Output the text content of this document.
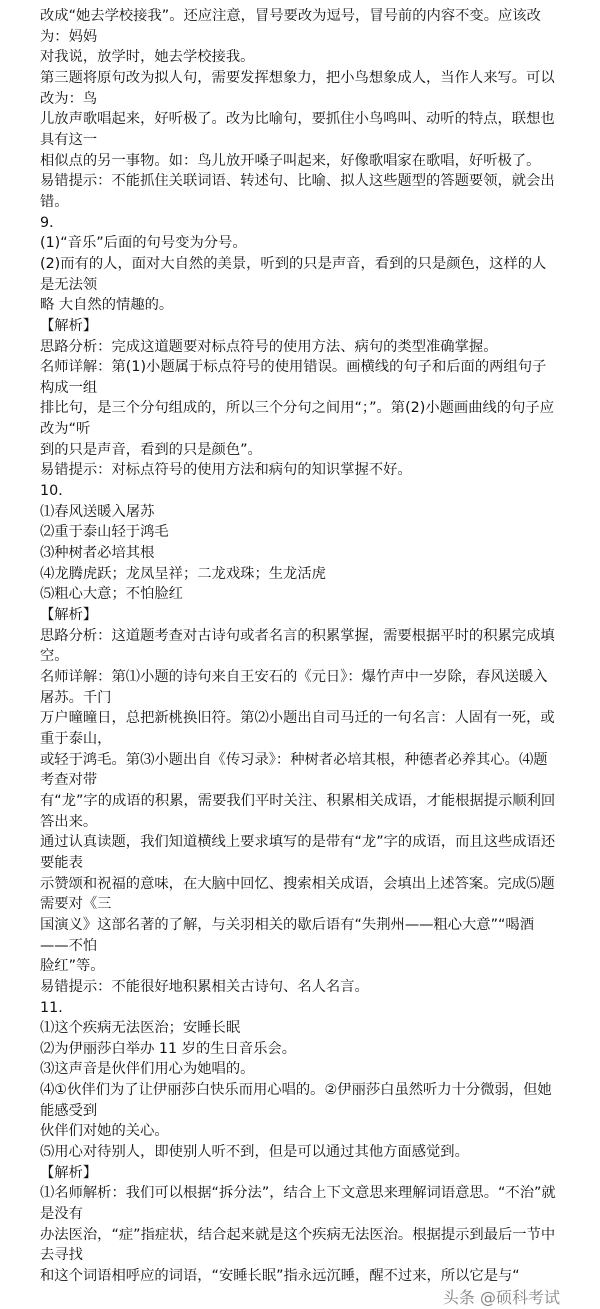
改成“她去学校接我”。还应注意，冒号要改为逗号，冒号前的内容不变。应该改为：妈妈
对我说，放学时，她去学校接我。
第三题将原句改为拟人句，需要发挥想象力，把小鸟想象成人，当作人来写。可以改为：鸟
儿放声歌唱起来，好听极了。改为比喻句，要抓住小鸟鸣叫、动听的特点，联想也具有这一
相似点的另一事物。如：鸟儿放开嗓子叫起来，好像歌唱家在歌唱，好听极了。
易错提示：不能抓住关联词语、转述句、比喻、拟人这些题型的答题要领，就会出错。
9．
(1)“音乐”后面的句号变为分号。
(2)而有的人，面对大自然的美景，听到的只是声音，看到的只是颜色，这样的人是无法领
略 大自然的情趣的。
【解析】
思路分析：完成这道题要对标点符号的使用方法、病句的类型准确掌握。
名师详解：第(1)小题属于标点符号的使用错误。画横线的句子和后面的两组句子构成一组
排比句，是三个分句组成的，所以三个分句之间用“；”。第(2)小题画曲线的句子应改为“听
到的只是声音，看到的只是颜色”。
易错提示：对标点符号的使用方法和病句的知识掌握不好。
10．
⑴春风送暖入屠苏
⑵重于泰山轻于鸿毛
⑶种树者必培其根
⑷龙腾虎跃；龙凤呈祥；二龙戏珠；生龙活虎
⑸粗心大意；不怕脸红
【解析】
思路分析：这道题考查对古诗句或者名言的积累掌握，需要根据平时的积累完成填空。
名师详解：第⑴小题的诗句来自王安石的《元日》：爆竹声中一岁除，春风送暖入屠苏。千门
万户曈曈日，总把新桃换旧符。第⑵小题出自司马迁的一句名言：人固有一死，或重于泰山，
或轻于鸿毛。第⑶小题出自《传习录》：种树者必培其根，种德者必养其心。⑷题考查对带
有“龙”字的成语的积累，需要我们平时关注、积累相关成语，才能根据提示顺利回答出来。
通过认真读题，我们知道横线上要求填写的是带有“龙”字的成语，而且这些成语还要能表
示赞颂和祝福的意味，在大脑中回忆、搜索相关成语，会填出上述答案。完成⑸题需要对《三
国演义》这部名著的了解，与关羽相关的歇后语有“失荆州——粗心大意”“喝酒——不怕
脸红”等。
易错提示：不能很好地积累相关古诗句、名人名言。
11．
⑴这个疾病无法医治；安睡长眠
⑵为伊丽莎白举办 11 岁的生日音乐会。
⑶这声音是伙伴们用心为她唱的。
⑷①伙伴们为了让伊丽莎白快乐而用心唱的。②伊丽莎白虽然听力十分微弱，但她能感受到
伙伴们对她的关心。
⑸用心对待别人，即使别人听不到，但是可以通过其他方面感觉到。
【解析】
⑴名师解析：我们可以根据“拆分法”，结合上下文意思来理解词语意思。“不治”就是没有
办法医治，“症”指症状，结合起来就是这个疾病无法医治。根据提示到最后一节中去寻找
和这个词语相呼应的词语，“安睡长眠”指永远沉睡，醒不过来，所以它是与“
头条 @硕科考试
